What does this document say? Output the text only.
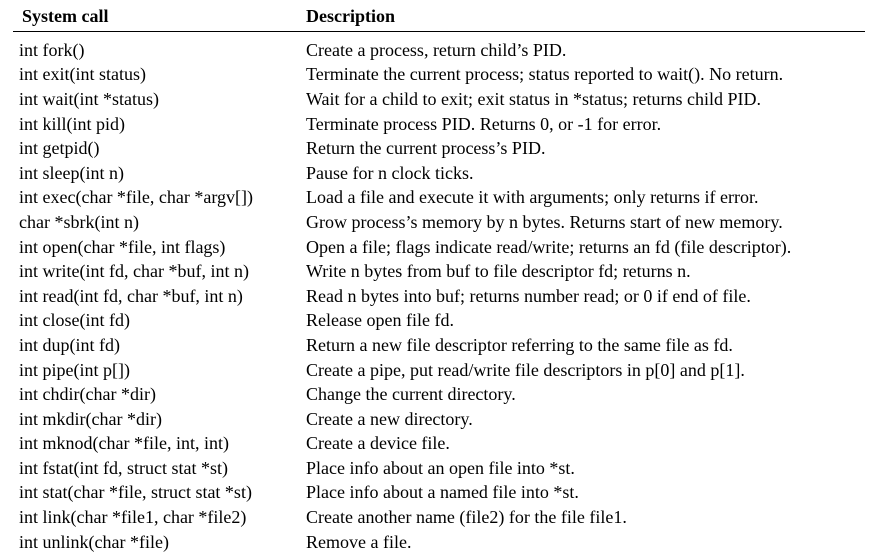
System call	Description
int fork()	Create a process, return child’s PID.
int exit(int status)	Terminate the current process; status reported to wait(). No return.
int wait(int *status)	Wait for a child to exit; exit status in *status; returns child PID.
int kill(int pid)	Terminate process PID. Returns 0, or -1 for error.
int getpid()	Return the current process’s PID.
int sleep(int n)	Pause for n clock ticks.
int exec(char *file, char *argv[])	Load a file and execute it with arguments; only returns if error.
char *sbrk(int n)	Grow process’s memory by n bytes. Returns start of new memory.
int open(char *file, int flags)	Open a file; flags indicate read/write; returns an fd (file descriptor).
int write(int fd, char *buf, int n)	Write n bytes from buf to file descriptor fd; returns n.
int read(int fd, char *buf, int n)	Read n bytes into buf; returns number read; or 0 if end of file.
int close(int fd)	Release open file fd.
int dup(int fd)	Return a new file descriptor referring to the same file as fd.
int pipe(int p[])	Create a pipe, put read/write file descriptors in p[0] and p[1].
int chdir(char *dir)	Change the current directory.
int mkdir(char *dir)	Create a new directory.
int mknod(char *file, int, int)	Create a device file.
int fstat(int fd, struct stat *st)	Place info about an open file into *st.
int stat(char *file, struct stat *st)	Place info about a named file into *st.
int link(char *file1, char *file2)	Create another name (file2) for the file file1.
int unlink(char *file)	Remove a file.
